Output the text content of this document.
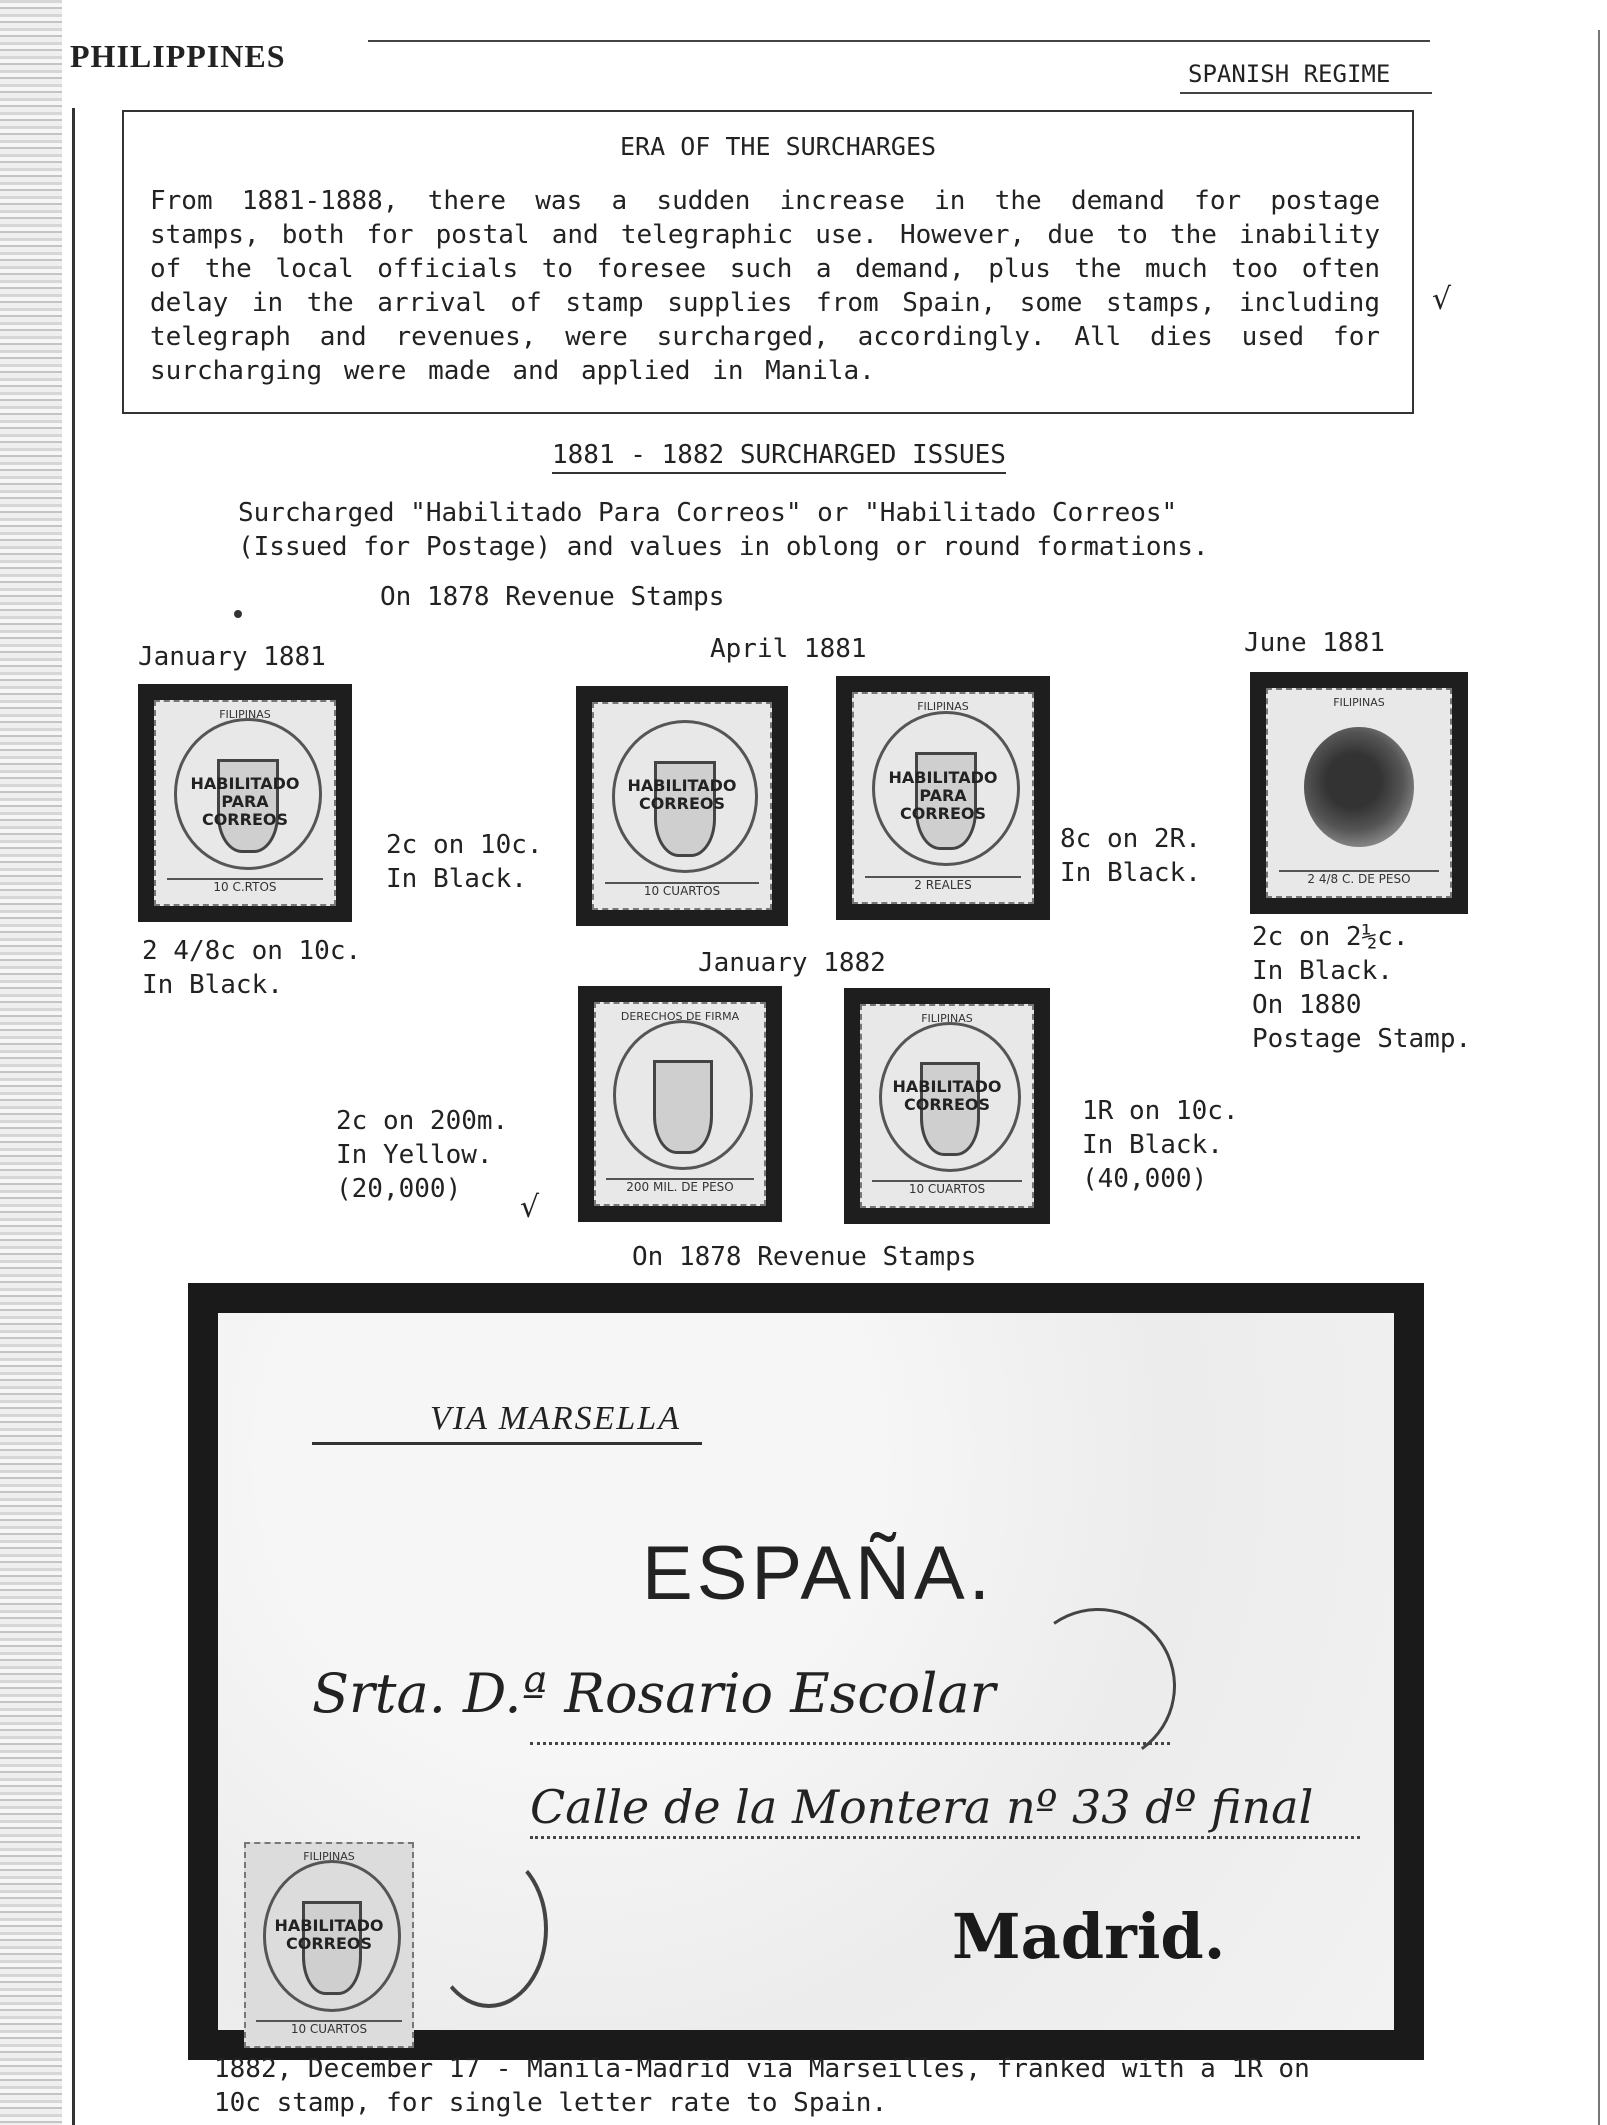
PHILIPPINES	SPANISH REGIME
ERA OF THE SURCHARGES
From 1881-1888, there was a sudden increase in the demand for postage stamps, both for postal and telegraphic use. However, due to the inability of the local officials to foresee such a demand, plus the much too often delay in the arrival of stamp supplies from Spain, some stamps, including telegraph and revenues, were surcharged, accordingly. All dies used for surcharging were made and applied in Manila.
√
1881 - 1882 SURCHARGED ISSUES
Surcharged "Habilitado Para Correos" or "Habilitado Correos"
(Issued for Postage) and values in oblong or round formations.
On 1878 Revenue Stamps
January 1881
FILIPINAS
HABILITADO PARA CORREOS
10 C.RTOS
2 4/8c on 10c.
In Black.
2c on 10c.
In Black.
HABILITADO CORREOS
10 CUARTOS
April 1881
FILIPINAS
HABILITADO PARA CORREOS
2 REALES
8c on 2R.
In Black.
June 1881
FILIPINAS
2 4/8 C. DE PESO
2c on 2½c.
In Black.
On 1880
Postage Stamp.
January 1882
2c on 200m.
In Yellow.
(20,000)
DERECHOS DE FIRMA
200 MIL. DE PESO
√
FILIPINAS
HABILITADO CORREOS
10 CUARTOS
1R on 10c.
In Black.
(40,000)
On 1878 Revenue Stamps
VIA MARSELLA
ESPAÑA.
Srta. D.ª Rosario Escolar
Calle de la Montera nº 33 dº final
Madrid.
FILIPINAS
HABILITADO CORREOS
10 CUARTOS
1882, December 17 - Manila-Madrid via Marseilles, franked with a 1R on
10c stamp, for single letter rate to Spain.
